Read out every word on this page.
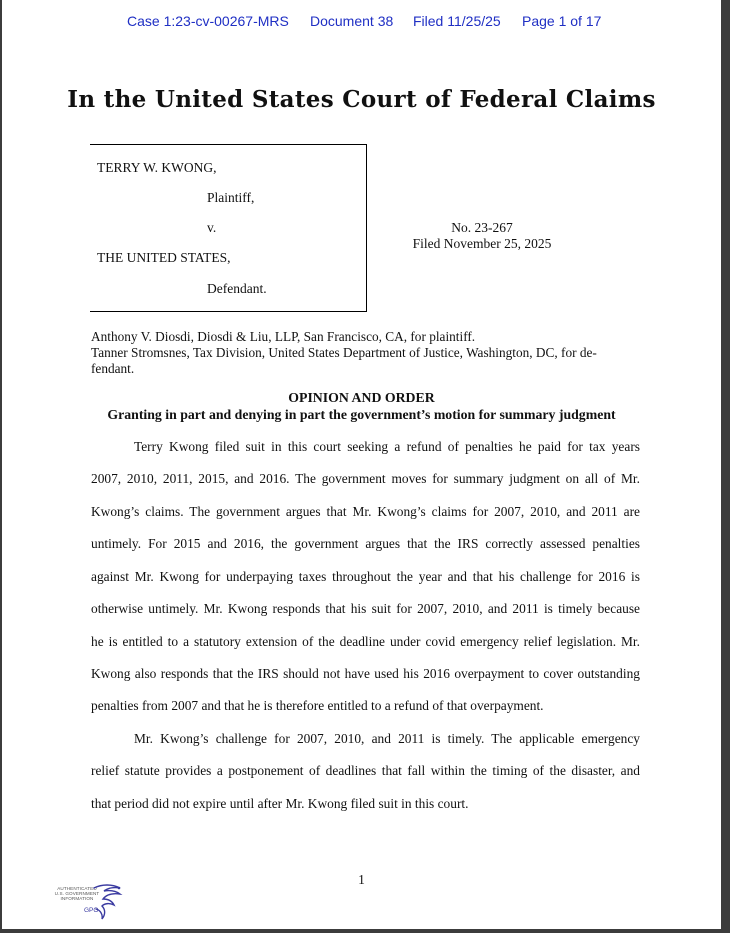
Case 1:23-cv-00267-MRS Document 38 Filed 11/25/25 Page 1 of 17
In the United States Court of Federal Claims
TERRY W. KWONG,
Plaintiff,
v.
THE UNITED STATES,
Defendant.
No. 23-267
Filed November 25, 2025

Anthony V. Diosdi, Diosdi & Liu, LLP, San Francisco, CA, for plaintiff.

Tanner Stromsnes, Tax Division, United States Department of Justice, Washington, DC, for de-

fendant.

OPINION AND ORDER
Granting in part and denying in part the government’s motion for summary judgment
Terry Kwong filed suit in this court seeking a refund of penalties he paid for tax years
2007, 2010, 2011, 2015, and 2016. The government moves for summary judgment on all of Mr.
Kwong’s claims. The government argues that Mr. Kwong’s claims for 2007, 2010, and 2011 are
untimely. For 2015 and 2016, the government argues that the IRS correctly assessed penalties
against Mr. Kwong for underpaying taxes throughout the year and that his challenge for 2016 is
otherwise untimely. Mr. Kwong responds that his suit for 2007, 2010, and 2011 is timely because
he is entitled to a statutory extension of the deadline under covid emergency relief legislation. Mr.
Kwong also responds that the IRS should not have used his 2016 overpayment to cover outstanding
penalties from 2007 and that he is therefore entitled to a refund of that overpayment.
Mr. Kwong’s challenge for 2007, 2010, and 2011 is timely. The applicable emergency
relief statute provides a postponement of deadlines that fall within the timing of the disaster, and
that period did not expire until after Mr. Kwong filed suit in this court.
1
AUTHENTICATED
U.S. GOVERNMENT
INFORMATION
GPO
